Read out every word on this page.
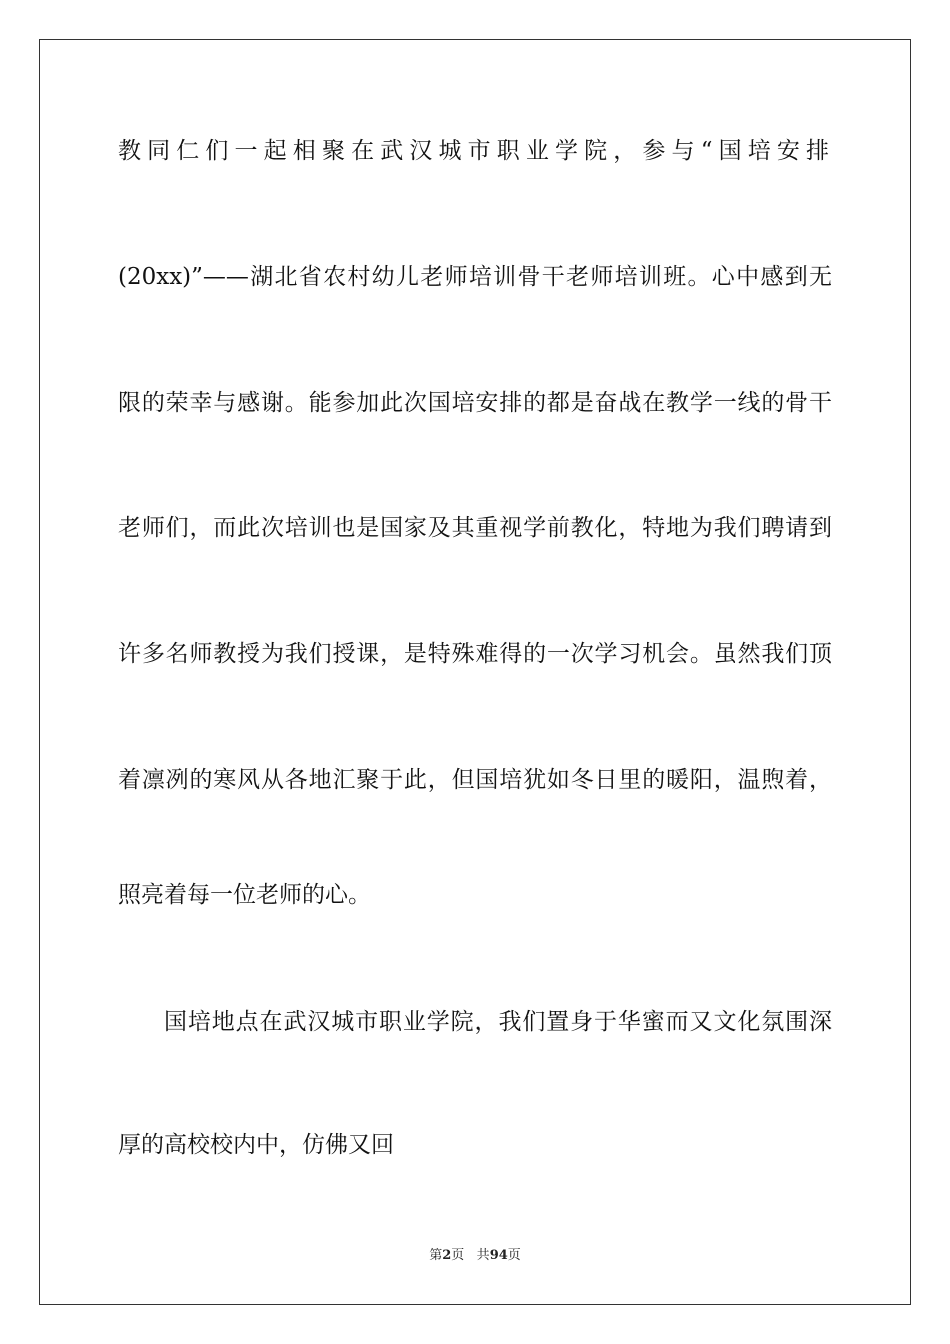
教同仁们一起相聚在武汉城市职业学院，参与“国培安排
(20xx)”——湖北省农村幼儿老师培训骨干老师培训班。心中感到无
限的荣幸与感谢。能参加此次国培安排的都是奋战在教学一线的骨干
老师们，而此次培训也是国家及其重视学前教化，特地为我们聘请到
许多名师教授为我们授课，是特殊难得的一次学习机会。虽然我们顶
着凛冽的寒风从各地汇聚于此，但国培犹如冬日里的暖阳，温煦着，
照亮着每一位老师的心。
国培地点在武汉城市职业学院，我们置身于华蜜而又文化氛围深
厚的高校校内中，仿佛又回
第2页 共94页
